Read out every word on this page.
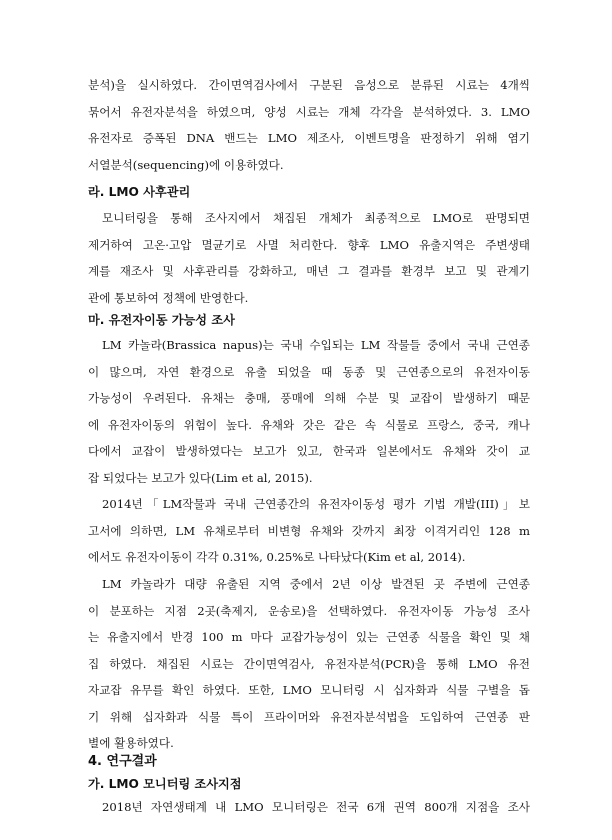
분석)을 실시하였다. 간이면역검사에서 구분된 음성으로 분류된 시료는 4개씩
묶어서 유전자분석을 하였으며, 양성 시료는 개체 각각을 분석하였다. 3. LMO
유전자로 증폭된 DNA 밴드는 LMO 제조사, 이벤트명을 판정하기 위해 염기
서열분석(sequencing)에 이용하였다.
라. LMO 사후관리
모니터링을 통해 조사지에서 채집된 개체가 최종적으로 LMO로 판명되면
제거하여 고온·고압 멸균기로 사멸 처리한다. 향후 LMO 유출지역은 주변생태
계를 재조사 및 사후관리를 강화하고, 매년 그 결과를 환경부 보고 및 관계기
관에 통보하여 정책에 반영한다.
마. 유전자이동 가능성 조사
LM 카놀라(Brassica napus)는 국내 수입되는 LM 작물들 중에서 국내 근연종
이 많으며, 자연 환경으로 유출 되었을 때 동종 및 근연종으로의 유전자이동
가능성이 우려된다. 유채는 충매, 풍매에 의해 수분 및 교잡이 발생하기 때문
에 유전자이동의 위험이 높다. 유채와 갓은 같은 속 식물로 프랑스, 중국, 캐나
다에서 교잡이 발생하였다는 보고가 있고, 한국과 일본에서도 유채와 갓이 교
잡 되었다는 보고가 있다(Lim et al, 2015).
2014년「LM작물과 국내 근연종간의 유전자이동성 평가 기법 개발(III)」보
고서에 의하면, LM 유채로부터 비변형 유채와 갓까지 최장 이격거리인 128 m
에서도 유전자이동이 각각 0.31%, 0.25%로 나타났다(Kim et al, 2014).
LM 카놀라가 대량 유출된 지역 중에서 2년 이상 발견된 곳 주변에 근연종
이 분포하는 지점 2곳(축제지, 운송로)을 선택하였다. 유전자이동 가능성 조사
는 유출지에서 반경 100 m 마다 교잡가능성이 있는 근연종 식물을 확인 및 채
집 하였다. 채집된 시료는 간이면역검사, 유전자분석(PCR)을 통해 LMO 유전
자교잡 유무를 확인 하였다. 또한, LMO 모니터링 시 십자화과 식물 구별을 돕
기 위해 십자화과 식물 특이 프라이머와 유전자분석법을 도입하여 근연종 판
별에 활용하였다.
4. 연구결과
가. LMO 모니터링 조사지점
2018년 자연생태계 내 LMO 모니터링은 전국 6개 권역 800개 지점을 조사
